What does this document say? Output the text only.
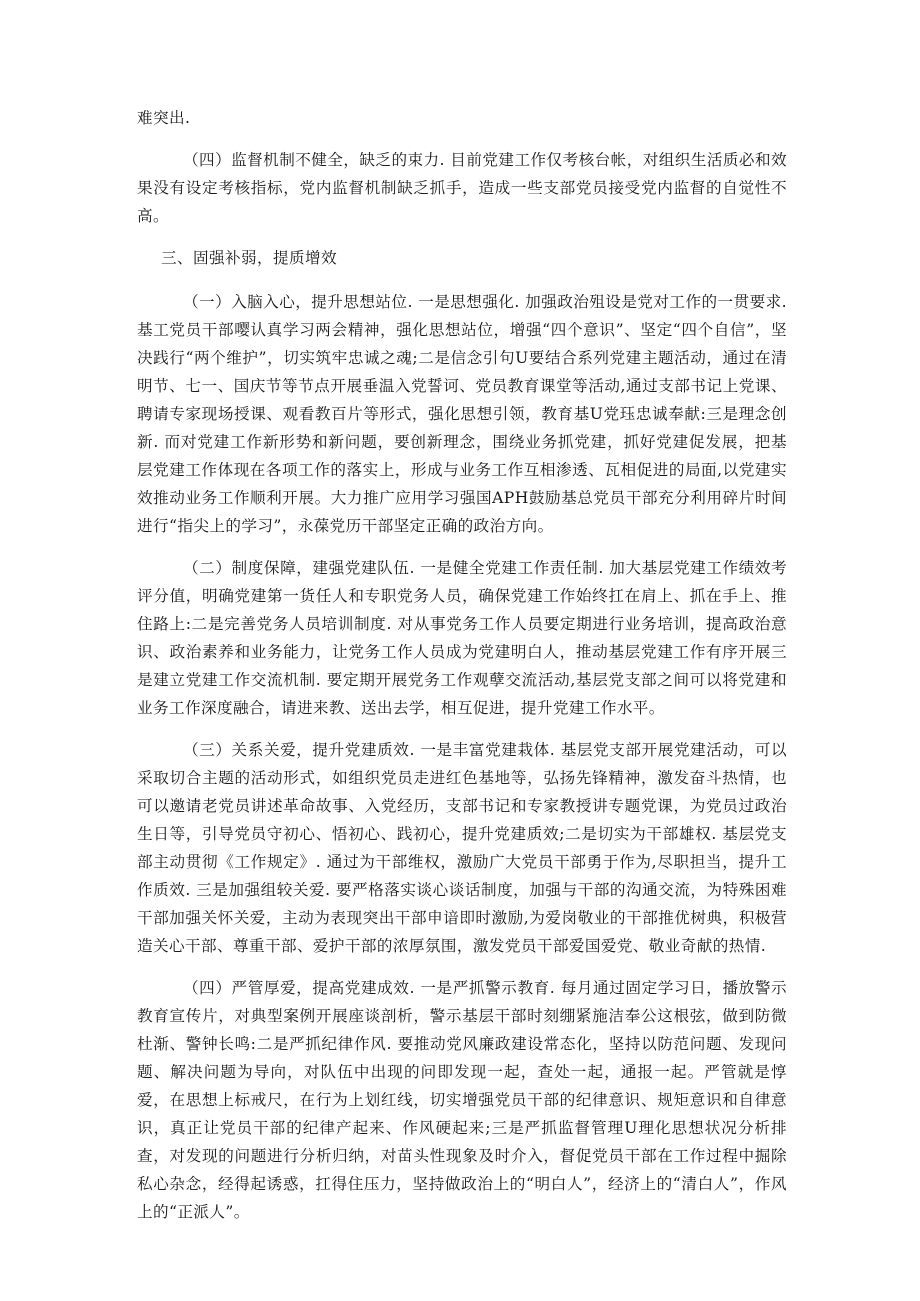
难突出.

（四）监督机制不健全，缺乏的束力. 目前党建工作仅考核台帐，对组织生活质必和效果没有设定考核指标，党内监督机制缺乏抓手，造成一些支部党员接受党内监督的自觉性不高。

三、固强补弱，提质增效

（一）入脑入心，提升思想站位. 一是思想强化. 加强政治殂设是党对工作的一贯要求. 基工党员干部嘤认真学习两会精神，强化思想站位，增强“四个意识”、坚定“四个自信”，坚决践行“两个维护”，切实筑牢忠诚之魂;二是信念引句U要结合系列党建主题活动，通过在清明节、七一、国庆节等节点开展垂温入党誓诃、党员教育课堂等活动,通过支部书记上党课、聘请专家现场授课、观看教百片等形式，强化思想引领，教育基U党珏忠诚奉献:三是理念创新. 而对党建工作新形势和新问题，要创新理念，围绕业务抓党建，抓好党建促发展，把基层党建工作体现在各项工作的落实上，形成与业务工作互相渗透、瓦相促进的局面,以党建实效推动业务工作顺利开展。大力推广应用学习强国APH鼓励基总党员干部充分利用碎片时间进行“指尖上的学习”，永葆党历干部坚定正确的政治方向。

（二）制度保障，建强党建队伍. 一是健全党建工作责任制. 加大基层党建工作绩效考评分值，明确党建第一货任人和专职党务人员，确保党建工作始终扛在肩上、抓在手上、推住路上:二是完善党务人员培训制度. 对从事党务工作人员要定期进行业务培训，提高政治意识、政治素养和业务能力，让党务工作人员成为党建明白人，推动基层党建工作有序开展三是建立党建工作交流机制. 要定期开展党务工作观孽交流活动,基层党支部之间可以将党建和业务工作深度融合，请进来教、送出去学，相互促进，提升党建工作水平。

（三）关系关爱，提升党建质效. 一是丰富党建栽体. 基层党支部开展党建活动，可以采取切合主题的活动形式，如组织党员走进红色基地等，弘扬先锋精神，激发奋斗热情，也可以邀请老党员讲述革命故事、入党经历，支部书记和专家教授讲专题党课，为党员过政治生日等，引导党员守初心、悟初心、践初心，提升党建质效;二是切实为干部雄权. 基层党支部主动贯彻《工作规定》. 通过为干部维权，激励广大党员干部勇于作为,尽职担当，提升工作质效. 三是加强组较关爱. 要严格落实谈心谈话制度，加强与干部的沟通交流，为特殊困难干部加强关怀关爱，主动为表现突出干部申谙即时激励,为爱岗敬业的干部推优树典，积极营造关心干部、尊重干部、爱护干部的浓厚氛围，激发党员干部爱国爱党、敬业奇献的热情.

（四）严管厚爱，提高党建成效. 一是严抓警示教育. 每月通过固定学习日，播放警示教育宣传片，对典型案例开展座谈剖析，警示基层干部时刻绷紧施洁奉公这根弦，做到防微杜渐、警钟长鸣:二是严抓纪律作风. 要推动党风廉政建设常态化，坚持以防范问题、发现问题、解决问题为导向，对队伍中出现的问即发现一起，查处一起，通报一起。严管就是惇爱，在思想上标戒尺，在行为上划红线，切实增强党员干部的纪律意识、规矩意识和自律意识，真正让党员干部的纪律产起来、作风硬起来;三是严抓监督管理U理化思想状况分析排查，对发现的问题进行分析归纳，对苗头性现象及时介入，督促党员干部在工作过程中掘除私心杂念，经得起诱惑，扛得住压力，坚持做政治上的“明白人”，经济上的“清白人”，作风上的“正派人”。
